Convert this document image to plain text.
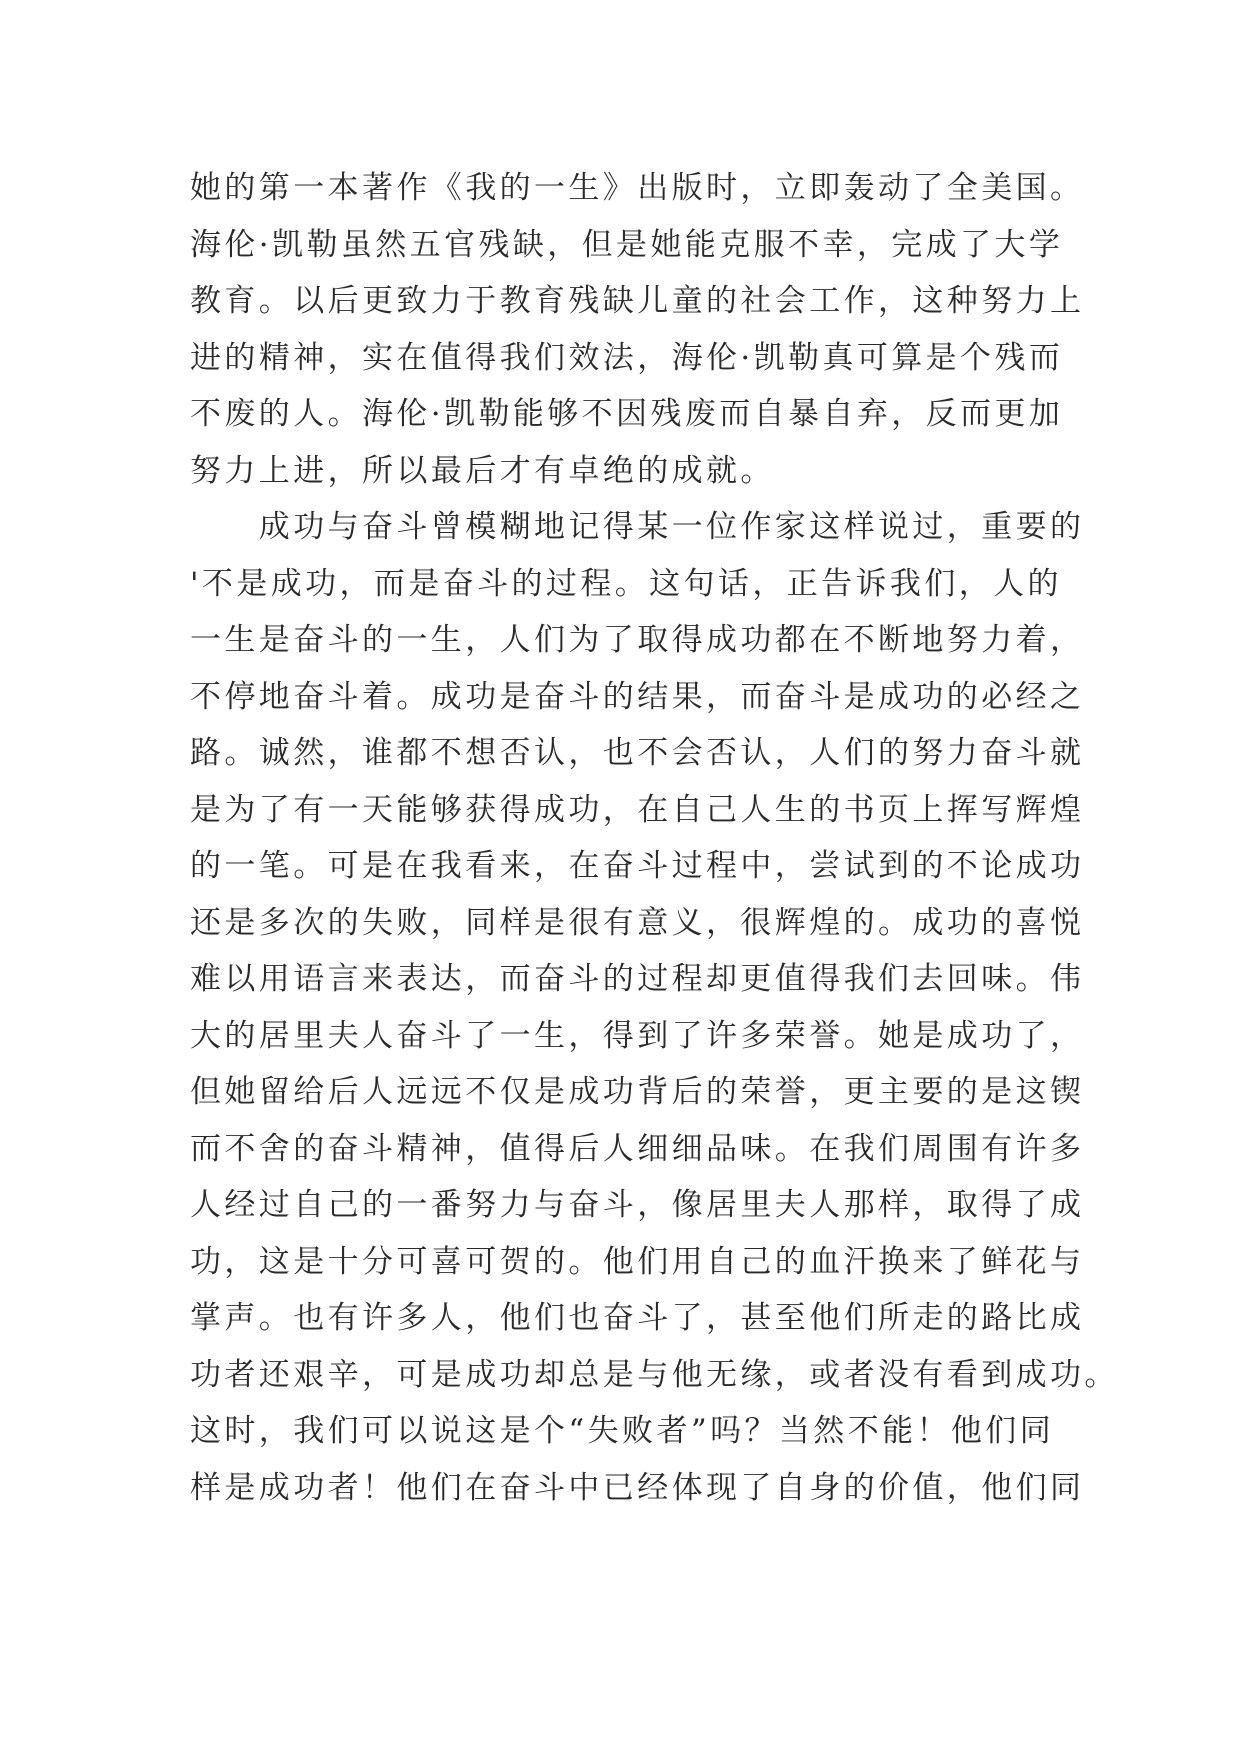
她的第一本著作《我的一生》出版时，立即轰动了全美国。
海伦·凯勒虽然五官残缺，但是她能克服不幸，完成了大学
教育。以后更致力于教育残缺儿童的社会工作，这种努力上
进的精神，实在值得我们效法，海伦·凯勒真可算是个残而
不废的人。海伦·凯勒能够不因残废而自暴自弃，反而更加
努力上进，所以最后才有卓绝的成就。
　　成功与奋斗曾模糊地记得某一位作家这样说过，重要的
'不是成功，而是奋斗的过程。这句话，正告诉我们，人的
一生是奋斗的一生，人们为了取得成功都在不断地努力着，
不停地奋斗着。成功是奋斗的结果，而奋斗是成功的必经之
路。诚然，谁都不想否认，也不会否认，人们的努力奋斗就
是为了有一天能够获得成功，在自己人生的书页上挥写辉煌
的一笔。可是在我看来，在奋斗过程中，尝试到的不论成功
还是多次的失败，同样是很有意义，很辉煌的。成功的喜悦
难以用语言来表达，而奋斗的过程却更值得我们去回味。伟
大的居里夫人奋斗了一生，得到了许多荣誉。她是成功了，
但她留给后人远远不仅是成功背后的荣誉，更主要的是这锲
而不舍的奋斗精神，值得后人细细品味。在我们周围有许多
人经过自己的一番努力与奋斗，像居里夫人那样，取得了成
功，这是十分可喜可贺的。他们用自己的血汗换来了鲜花与
掌声。也有许多人，他们也奋斗了，甚至他们所走的路比成
功者还艰辛，可是成功却总是与他无缘，或者没有看到成功。
这时，我们可以说这是个“失败者”吗？当然不能！他们同
样是成功者！他们在奋斗中已经体现了自身的价值，他们同
